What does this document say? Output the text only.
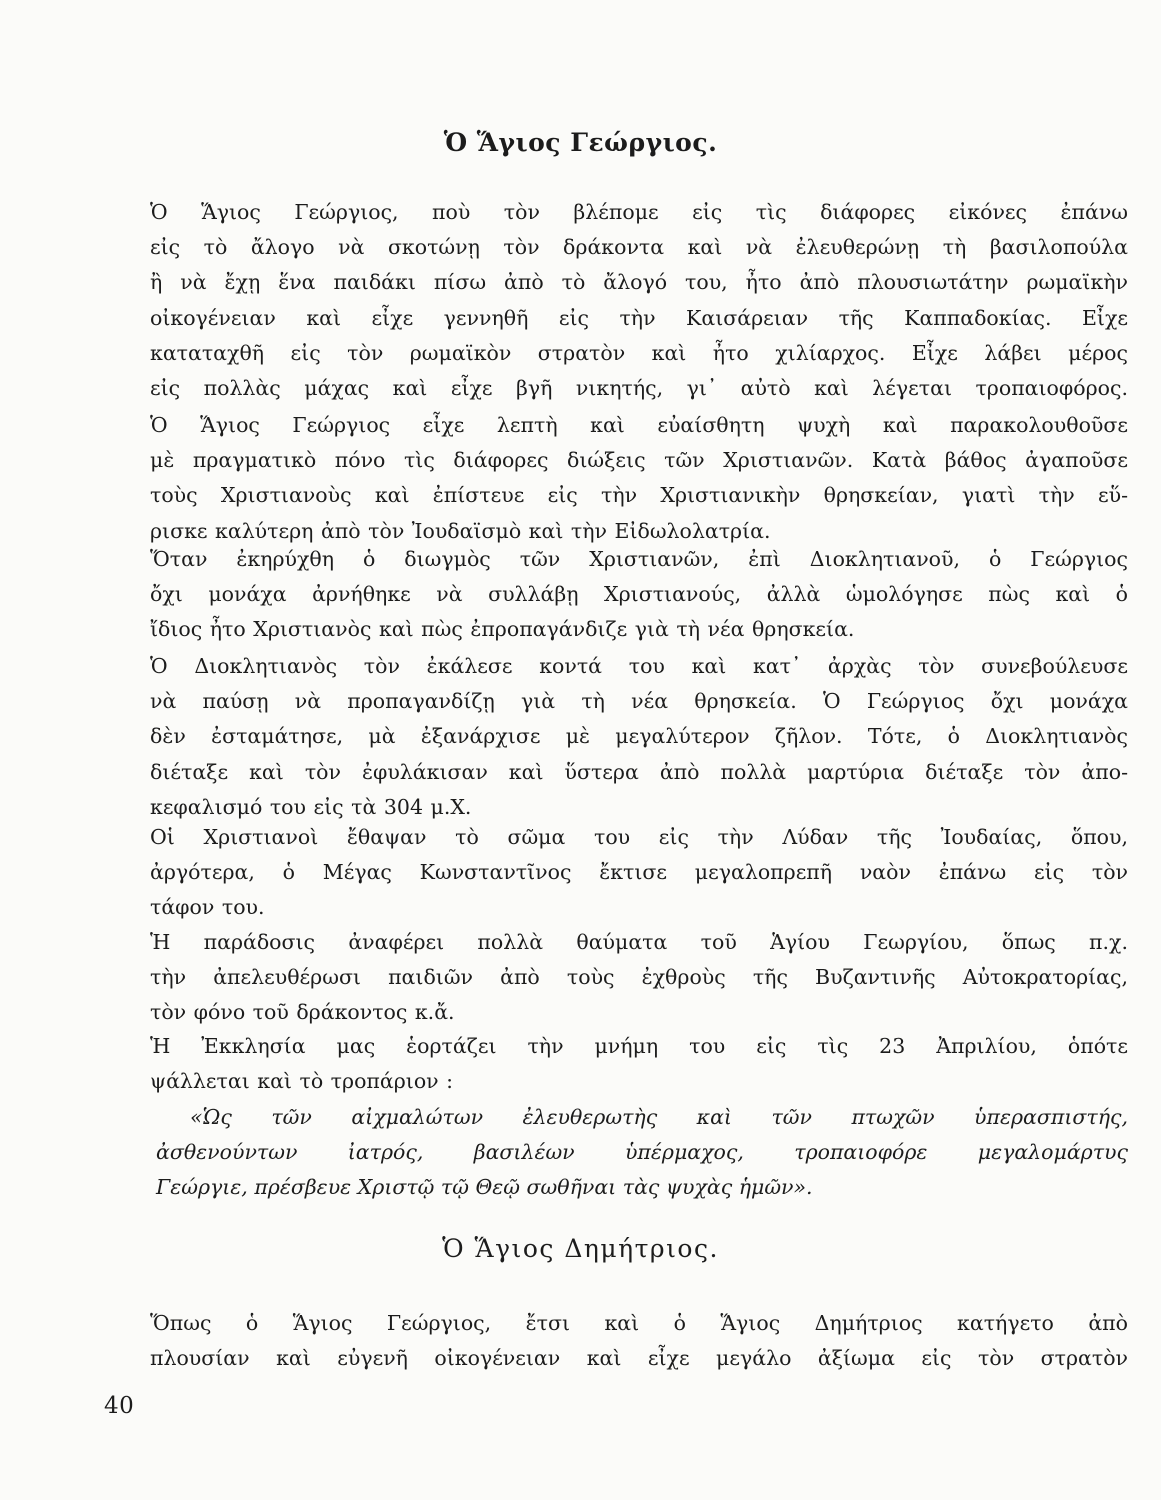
Ὁ Ἅγιος Γεώργιος.
Ὁ Ἅγιος Γεώργιος, ποὺ τὸν βλέπομε εἰς τὶς διάφορες εἰκόνες ἐπάνω
εἰς τὸ ἄλογο νὰ σκοτώνῃ τὸν δράκοντα καὶ νὰ ἐλευθερώνῃ τὴ βασιλοπούλα
ἢ νὰ ἔχῃ ἕνα παιδάκι πίσω ἀπὸ τὸ ἄλογό του, ἦτο ἀπὸ πλουσιωτάτην ρωμαϊκὴν
οἰκογένειαν καὶ εἶχε γεννηθῆ εἰς τὴν Καισάρειαν τῆς Καππαδοκίας. Εἶχε
καταταχθῆ εἰς τὸν ρωμαϊκὸν στρατὸν καὶ ἦτο χιλίαρχος. Εἶχε λάβει μέρος
εἰς πολλὰς μάχας καὶ εἶχε βγῆ νικητής, γι᾿ αὐτὸ καὶ λέγεται τροπαιοφόρος.
Ὁ Ἅγιος Γεώργιος εἶχε λεπτὴ καὶ εὐαίσθητη ψυχὴ καὶ παρακολουθοῦσε
μὲ πραγματικὸ πόνο τὶς διάφορες διώξεις τῶν Χριστιανῶν. Κατὰ βάθος ἀγαποῦσε
τοὺς Χριστιανοὺς καὶ ἐπίστευε εἰς τὴν Χριστιανικὴν θρησκείαν, γιατὶ τὴν εὕ-
ρισκε καλύτερη ἀπὸ τὸν Ἰουδαϊσμὸ καὶ τὴν Εἰδωλολατρία.
Ὅταν ἐκηρύχθη ὁ διωγμὸς τῶν Χριστιανῶν, ἐπὶ Διοκλητιανοῦ, ὁ Γεώργιος
ὄχι μονάχα ἀρνήθηκε νὰ συλλάβῃ Χριστιανούς, ἀλλὰ ὡμολόγησε πὼς καὶ ὁ
ἴδιος ἦτο Χριστιανὸς καὶ πὼς ἐπροπαγάνδιζε γιὰ τὴ νέα θρησκεία.
Ὁ Διοκλητιανὸς τὸν ἐκάλεσε κοντά του καὶ κατ᾿ ἀρχὰς τὸν συνεβούλευσε
νὰ παύσῃ νὰ προπαγανδίζῃ γιὰ τὴ νέα θρησκεία. Ὁ Γεώργιος ὄχι μονάχα
δὲν ἐσταμάτησε, μὰ ἐξανάρχισε μὲ μεγαλύτερον ζῆλον. Τότε, ὁ Διοκλητιανὸς
διέταξε καὶ τὸν ἐφυλάκισαν καὶ ὕστερα ἀπὸ πολλὰ μαρτύρια διέταξε τὸν ἀπο-
κεφαλισμό του εἰς τὰ 304 μ.Χ.
Οἱ Χριστιανοὶ ἔθαψαν τὸ σῶμα του εἰς τὴν Λύδαν τῆς Ἰουδαίας, ὅπου,
ἀργότερα, ὁ Μέγας Κωνσταντῖνος ἔκτισε μεγαλοπρεπῆ ναὸν ἐπάνω εἰς τὸν
τάφον του.
Ἡ παράδοσις ἀναφέρει πολλὰ θαύματα τοῦ Ἁγίου Γεωργίου, ὅπως π.χ.
τὴν ἀπελευθέρωσι παιδιῶν ἀπὸ τοὺς ἐχθροὺς τῆς Βυζαντινῆς Αὐτοκρατορίας,
τὸν φόνο τοῦ δράκοντος κ.ἄ.
Ἡ Ἐκκλησία μας ἑορτάζει τὴν μνήμη του εἰς τὶς 23 Ἀπριλίου, ὁπότε
ψάλλεται καὶ τὸ τροπάριον :
«Ὡς τῶν αἰχμαλώτων ἐλευθερωτὴς καὶ τῶν πτωχῶν ὑπερασπιστής,
ἀσθενούντων ἰατρός, βασιλέων ὑπέρμαχος, τροπαιοφόρε μεγαλομάρτυς
Γεώργιε, πρέσβευε Χριστῷ τῷ Θεῷ σωθῆναι τὰς ψυχὰς ἡμῶν».
Ὁ Ἅγιος Δημήτριος.
Ὅπως ὁ Ἅγιος Γεώργιος, ἔτσι καὶ ὁ Ἅγιος Δημήτριος κατήγετο ἀπὸ
πλουσίαν καὶ εὐγενῆ οἰκογένειαν καὶ εἶχε μεγάλο ἀξίωμα εἰς τὸν στρατὸν
40
